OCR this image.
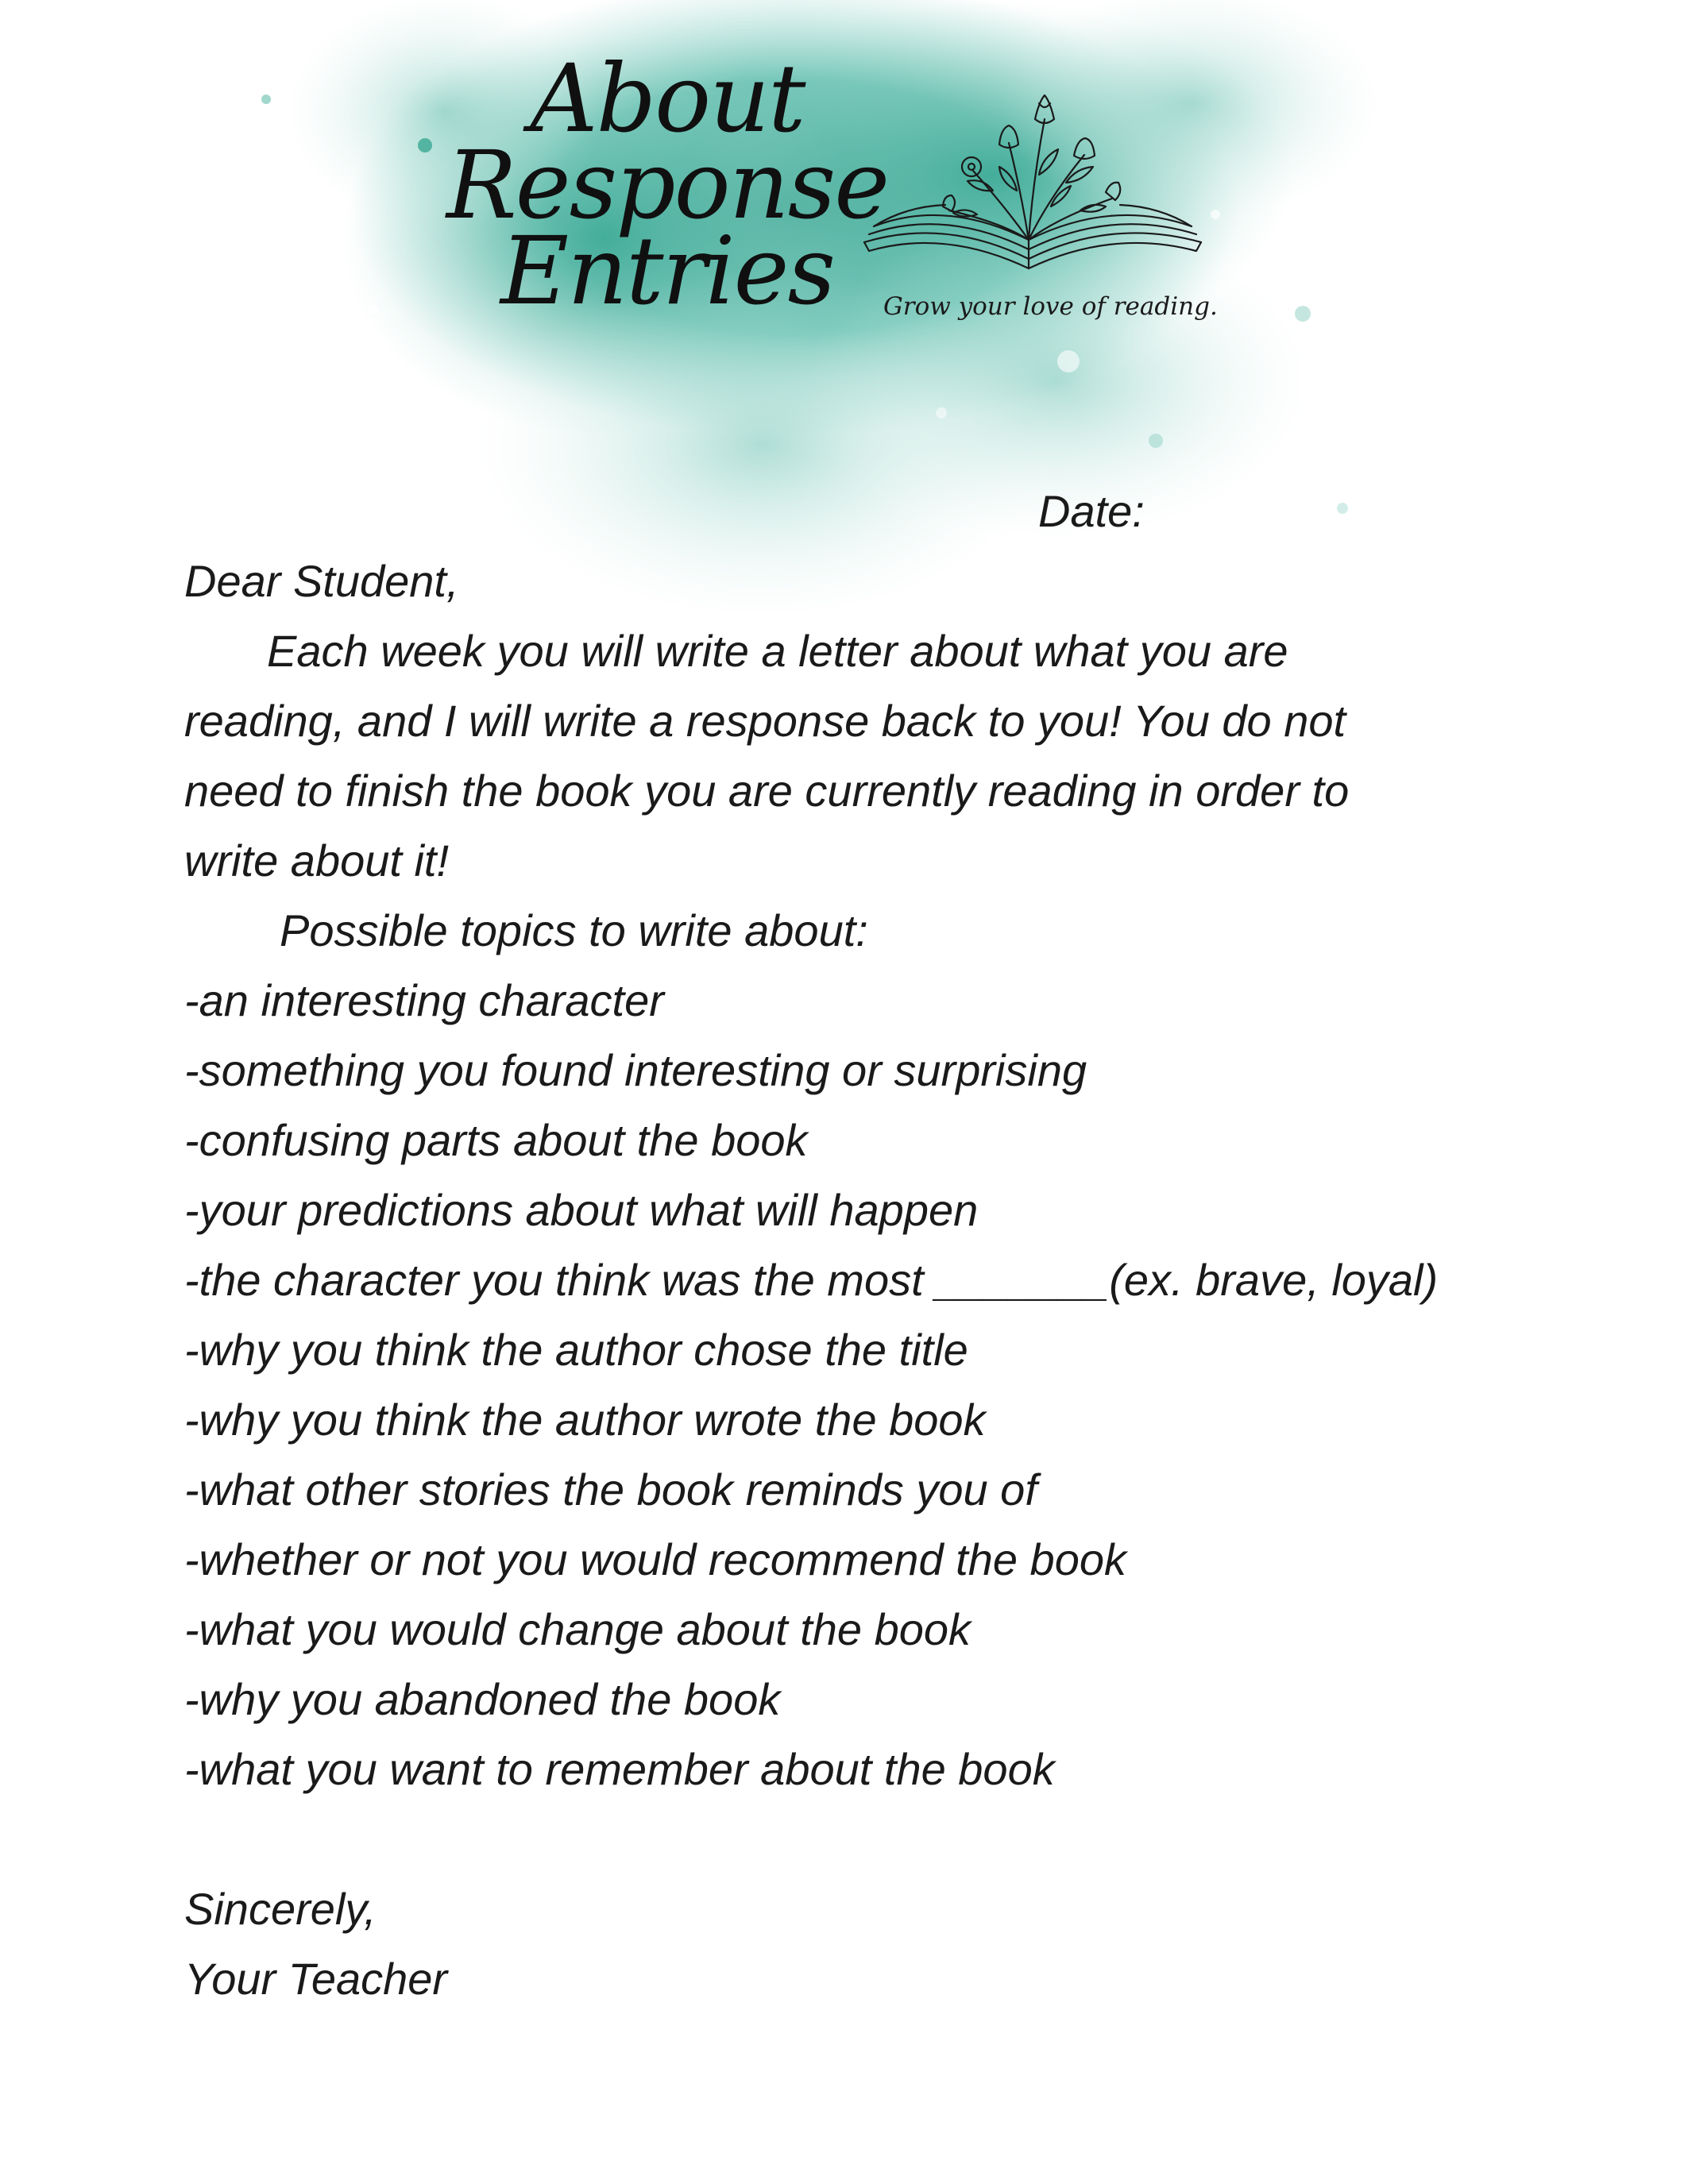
About
Response
Entries	Grow your love of reading.
Date:
Dear Student,
Each week you will write a letter about what you are
reading, and I will write a response back to you! You do not
need to finish the book you are currently reading in order to
write about it!
Possible topics to write about:
-an interesting character
-something you found interesting or surprising
-confusing parts about the book
-your predictions about what will happen
-the character you think was the most _______(ex. brave, loyal)
-why you think the author chose the title
-why you think the author wrote the book
-what other stories the book reminds you of
-whether or not you would recommend the book
-what you would change about the book
-why you abandoned the book
-what you want to remember about the book
Sincerely,
Your Teacher
